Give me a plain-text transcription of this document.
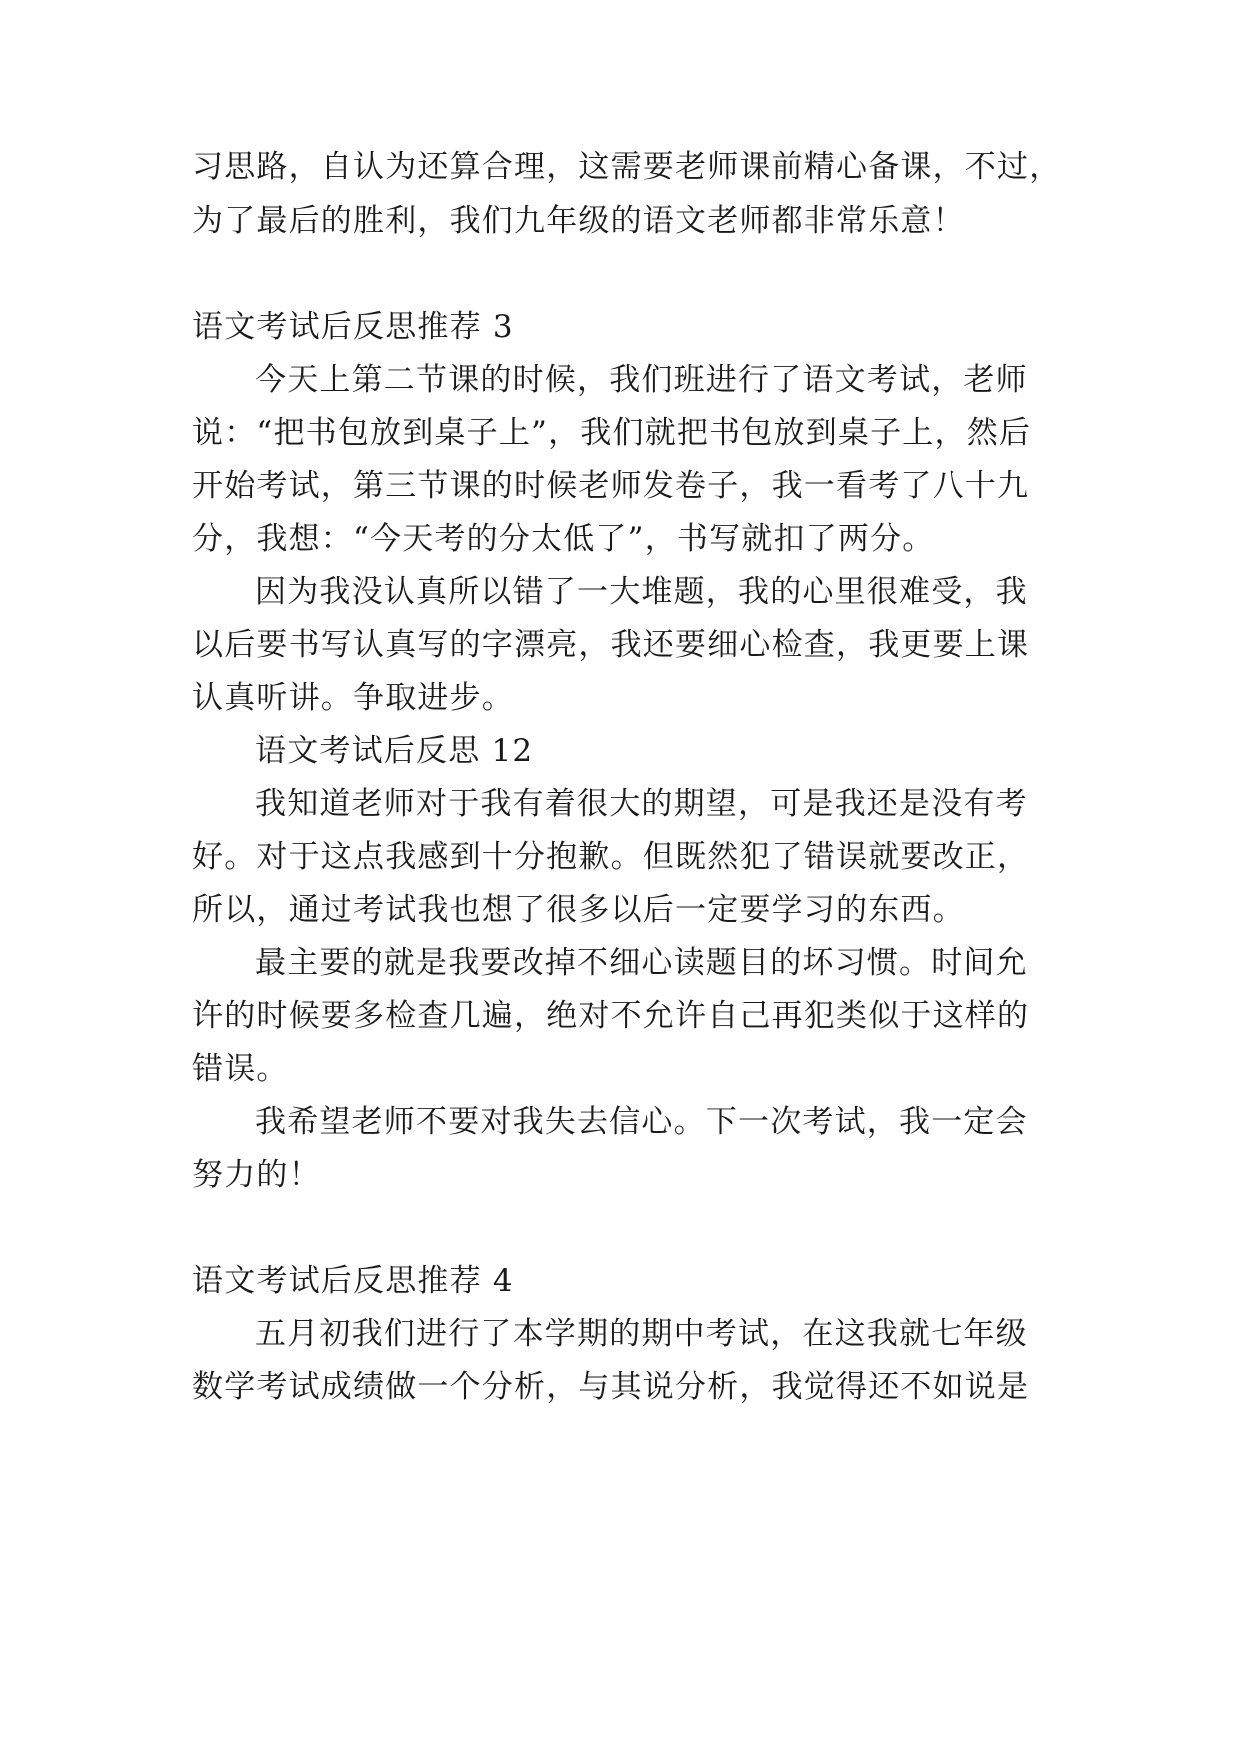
习思路，自认为还算合理，这需要老师课前精心备课，不过，
为了最后的胜利，我们九年级的语文老师都非常乐意！
语文考试后反思推荐 3
今天上第二节课的时候，我们班进行了语文考试，老师
说：“把书包放到桌子上”，我们就把书包放到桌子上，然后
开始考试，第三节课的时候老师发卷子，我一看考了八十九
分，我想：“今天考的分太低了”，书写就扣了两分。
因为我没认真所以错了一大堆题，我的心里很难受，我
以后要书写认真写的字漂亮，我还要细心检查，我更要上课
认真听讲。争取进步。
语文考试后反思 12
我知道老师对于我有着很大的期望，可是我还是没有考
好。对于这点我感到十分抱歉。但既然犯了错误就要改正，
所以，通过考试我也想了很多以后一定要学习的东西。
最主要的就是我要改掉不细心读题目的坏习惯。时间允
许的时候要多检查几遍，绝对不允许自己再犯类似于这样的
错误。
我希望老师不要对我失去信心。下一次考试，我一定会
努力的！
语文考试后反思推荐 4
五月初我们进行了本学期的期中考试，在这我就七年级
数学考试成绩做一个分析，与其说分析，我觉得还不如说是
